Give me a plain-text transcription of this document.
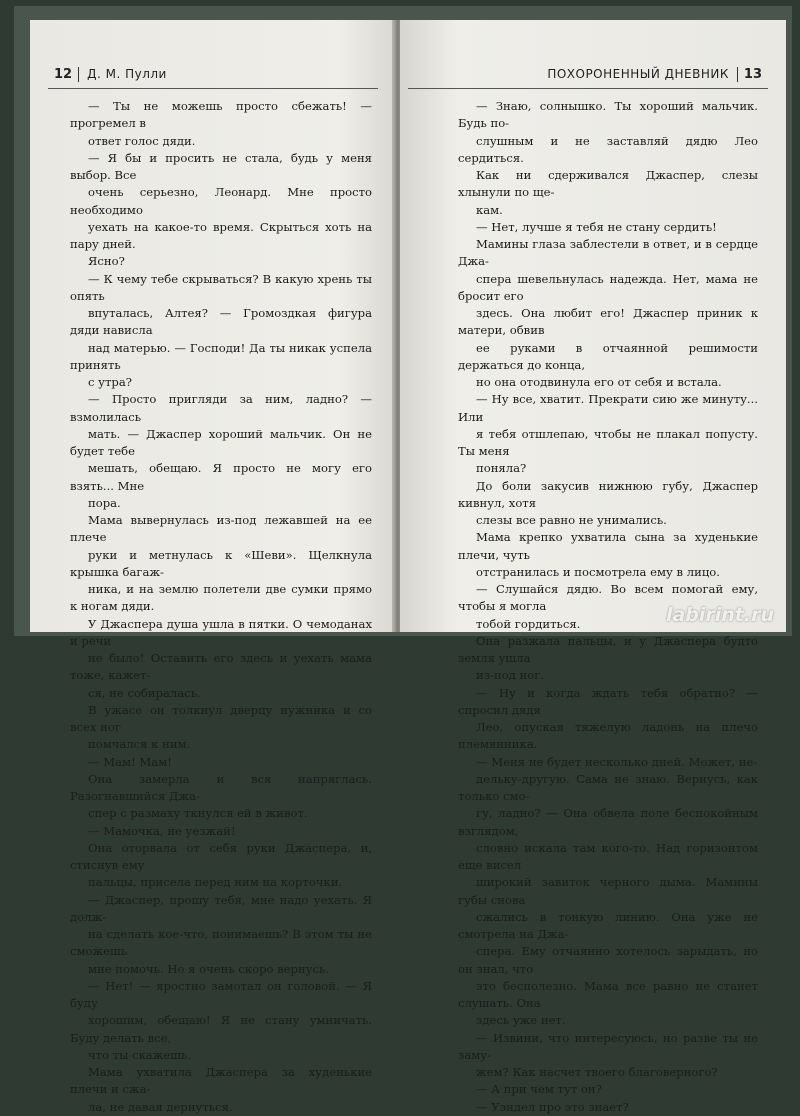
12	Д. М. Пулли

— Ты не можешь просто сбежать! — прогремел в

ответ голос дяди.

— Я бы и просить не стала, будь у меня выбор. Все

очень серьезно, Леонард. Мне просто необходимо

уехать на какое-то время. Скрыться хоть на пару дней.

Ясно?

— К чему тебе скрываться? В какую хрень ты опять

впуталась, Алтея? — Громоздкая фигура дяди нависла

над матерью. — Господи! Да ты никак успела принять

с утра?

— Просто пригляди за ним, ладно? — взмолилась

мать. — Джаспер хороший мальчик. Он не будет тебе

мешать, обещаю. Я просто не могу его взять... Мне

пора.

Мама вывернулась из-под лежавшей на ее плече

руки и метнулась к «Шеви». Щелкнула крышка багаж-

ника, и на землю полетели две сумки прямо к ногам дяди.

У Джаспера душа ушла в пятки. О чемоданах и речи

не было! Оставить его здесь и уехать мама тоже, кажет-

ся, не собиралась.

В ужасе он толкнул дверцу нужника и со всех ног

помчался к ним.

— Мам! Мам!

Она замерла и вся напряглась. Разогнавшийся Джа-

спер с размаху ткнулся ей в живот.

— Мамочка, не уезжай!

Она оторвала от себя руки Джаспера, и, стиснув ему

пальцы, присела перед ним на корточки.

— Джаспер, прошу тебя, мне надо уехать. Я долж-

на сделать кое-что, понимаешь? В этом ты не сможешь

мне помочь. Но я очень скоро вернусь.

— Нет! — яростно замотал он головой. — Я буду

хорошим, обещаю! Я не стану умничать. Буду делать все,

что ты скажешь.

Мама ухватила Джаспера за худенькие плечи и сжа-

ла, не давая дернуться.

ПОХОРОНЕННЫЙ ДНЕВНИК	13

— Знаю, солнышко. Ты хороший мальчик. Будь по-

слушным и не заставляй дядю Лео сердиться.

Как ни сдерживался Джаспер, слезы хлынули по ще-

кам.

— Нет, лучше я тебя не стану сердить!

Мамины глаза заблестели в ответ, и в сердце Джа-

спера шевельнулась надежда. Нет, мама не бросит его

здесь. Она любит его! Джаспер приник к матери, обвив

ее руками в отчаянной решимости держаться до конца,

но она отодвинула его от себя и встала.

— Ну все, хватит. Прекрати сию же минуту... Или

я тебя отшлепаю, чтобы не плакал попусту. Ты меня

поняла?

До боли закусив нижнюю губу, Джаспер кивнул, хотя

слезы все равно не унимались.

Мама крепко ухватила сына за худенькие плечи, чуть

отстранилась и посмотрела ему в лицо.

— Слушайся дядю. Во всем помогай ему, чтобы я могла

тобой гордиться.

Она разжала пальцы, и у Джаспера будто земля ушла

из-под ног.

— Ну и когда ждать тебя обратно? — спросил дядя

Лео, опуская тяжелую ладонь на плечо племянника.

— Меня не будет несколько дней. Может, не-

дельку-другую. Сама не знаю. Вернусь, как только смо-

гу, ладно? — Она обвела поле беспокойным взглядом,

словно искала там кого-то. Над горизонтом еще висел

широкий завиток черного дыма. Мамины губы снова

сжались в тонкую линию. Она уже не смотрела на Джа-

спера. Ему отчаянно хотелось зарыдать, но он знал, что

это бесполезно. Мама все равно не станет слушать. Она

здесь уже нет.

— Извини, что интересуюсь, но разве ты не заму-

жем? Как насчет твоего благоверного?

— А при чем тут он?

— Уэндел про это знает?

labirint.ru
